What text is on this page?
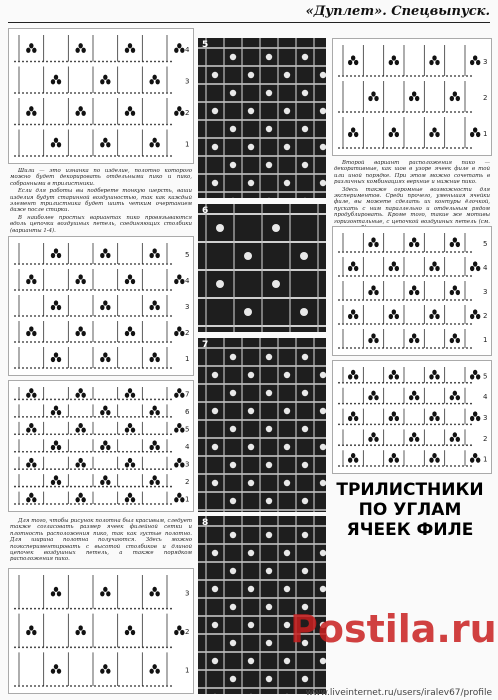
«Дуплет». Спецвыпуск.
4
3
2
1

Шили — это изнанка по изделие, полотно которого можно будет декорировать отдельными пико и пико, собранными в трилистники.

Если для работы вы подберете тонкую шерсть, ваши изделия будут старинной воздушностью, так как каждый элемент трилистника будет шить четким очертанием даже после стирки.

В наиболее простых вариантах пико провязываются вдоль цепочки воздушных петель, соединяющих столбики (варианты 1-4).

5
4
3
2
1
7
6
5
4
3
2
1

Для того, чтобы рисунок полотна был красивым, следует также согласовать размер ячеек филейной сетки и плотность расположения пико, так как густые полотно. Для ширина полотна получаются. Здесь можно поэкспериментировать с высотой столбиков и длиной цепочек воздушных петель, а также порядком расположения пико.

3
2
1
5
6
7
8
3
2
1

Второй вариант расположения пико — декоративные, как шов в узоре ячеек филе в той или иной порядке. При этом можно сочетать в различных комбинациях верхние и нижние пико.

Здесь также огромные возможности для экспериментов. Среди прочего, уменьшая ячейки филе, вы можете сделать их контуры ёлочкой, пускать с ним параллельно и отдельным рядом продублировать. Кроме того, такие же мотивы горизонтальные, с цепочкой воздушных петель (см.

5
4
3
2
1
5
4
3
2
1
ТРИЛИСТНИКИ ПО УГЛАМ ЯЧЕЕК ФИЛЕ
Postila.ru
www.liveinternet.ru/users/iralev67/profile
